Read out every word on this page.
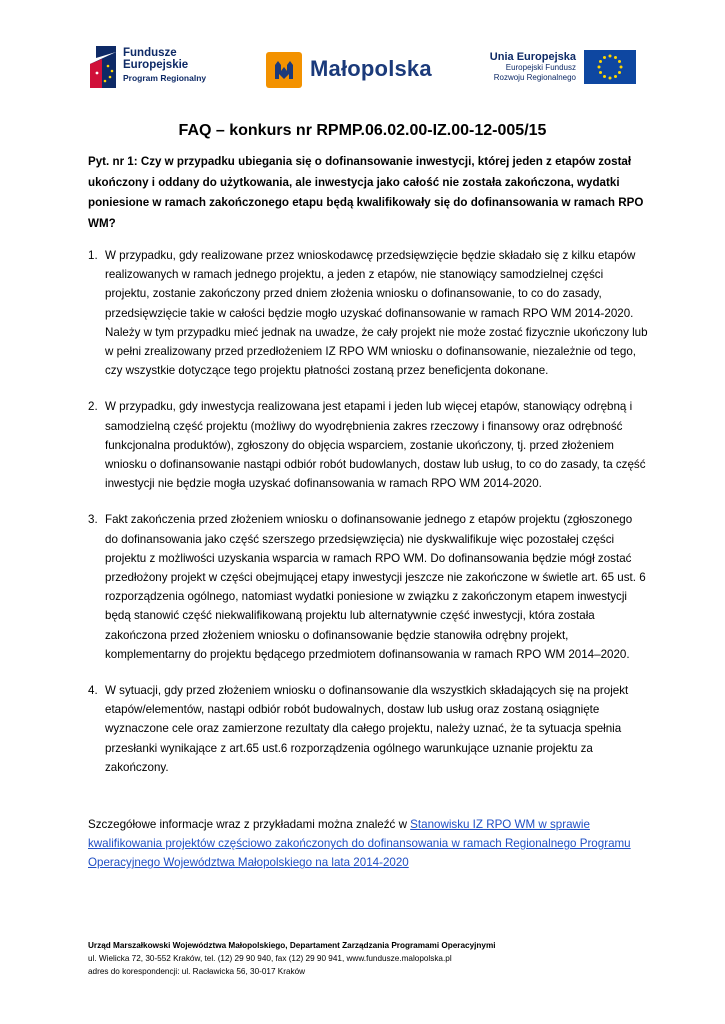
Fundusze
Europejskie
Program Regionalny	Małopolska	Unia Europejska
Europejski Fundusz
Rozwoju Regionalnego
FAQ – konkurs nr RPMP.06.02.00-IZ.00-12-005/15

Pyt. nr 1: Czy w przypadku ubiegania się o dofinansowanie inwestycji, której jeden z etapów został ukończony i oddany do użytkowania, ale inwestycja jako całość nie została zakończona, wydatki poniesione w ramach zakończonego etapu będą kwalifikowały się do dofinansowania w ramach RPO WM?

1. W przypadku, gdy realizowane przez wnioskodawcę przedsięwzięcie będzie składało się z kilku etapów realizowanych w ramach jednego projektu, a jeden z etapów, nie stanowiący samodzielnej części projektu, zostanie zakończony przed dniem złożenia wniosku o dofinansowanie, to co do zasady, przedsięwzięcie takie w całości będzie mogło uzyskać dofinansowanie w ramach RPO WM 2014-2020. Należy w tym przypadku mieć jednak na uwadze, że cały projekt nie może zostać fizycznie ukończony lub w pełni zrealizowany przed przedłożeniem IZ RPO WM wniosku o dofinansowanie, niezależnie od tego, czy wszystkie dotyczące tego projektu płatności zostaną przez beneficjenta dokonane.
2. W przypadku, gdy inwestycja realizowana jest etapami i jeden lub więcej etapów, stanowiący odrębną i samodzielną część projektu (możliwy do wyodrębnienia zakres rzeczowy i finansowy oraz odrębność funkcjonalna produktów), zgłoszony do objęcia wsparciem, zostanie ukończony, tj. przed złożeniem wniosku o dofinansowanie nastąpi odbiór robót budowlanych, dostaw lub usług, to co do zasady, ta część inwestycji nie będzie mogła uzyskać dofinansowania w ramach RPO WM 2014-2020.
3. Fakt zakończenia przed złożeniem wniosku o dofinansowanie jednego z etapów projektu (zgłoszonego do dofinansowania jako część szerszego przedsięwzięcia) nie dyskwalifikuje więc pozostałej części projektu z możliwości uzyskania wsparcia w ramach RPO WM. Do dofinansowania będzie mógł zostać przedłożony projekt w części obejmującej etapy inwestycji jeszcze nie zakończone w świetle art. 65 ust. 6 rozporządzenia ogólnego, natomiast wydatki poniesione w związku z zakończonym etapem inwestycji będą stanowić część niekwalifikowaną projektu lub alternatywnie część inwestycji, która została zakończona przed złożeniem wniosku o dofinansowanie będzie stanowiła odrębny projekt, komplementarny do projektu będącego przedmiotem dofinansowania w ramach RPO WM 2014–2020.
4. W sytuacji, gdy przed złożeniem wniosku o dofinansowanie dla wszystkich składających się na projekt etapów/elementów, nastąpi odbiór robót budowalnych, dostaw lub usług oraz zostaną osiągnięte wyznaczone cele oraz zamierzone rezultaty dla całego projektu, należy uznać, że ta sytuacja spełnia przesłanki wynikające z art.65 ust.6 rozporządzenia ogólnego warunkujące uznanie projektu za zakończony.

Szczegółowe informacje wraz z przykładami można znaleźć w Stanowisku IZ RPO WM w sprawie kwalifikowania projektów częściowo zakończonych do dofinansowania w ramach Regionalnego Programu Operacyjnego Województwa Małopolskiego na lata 2014-2020

Urząd Marszałkowski Województwa Małopolskiego, Departament Zarządzania Programami Operacyjnymi
ul. Wielicka 72, 30-552 Kraków, tel. (12) 29 90 940, fax (12) 29 90 941, www.fundusze.malopolska.pl
adres do korespondencji: ul. Racławicka 56, 30-017 Kraków
